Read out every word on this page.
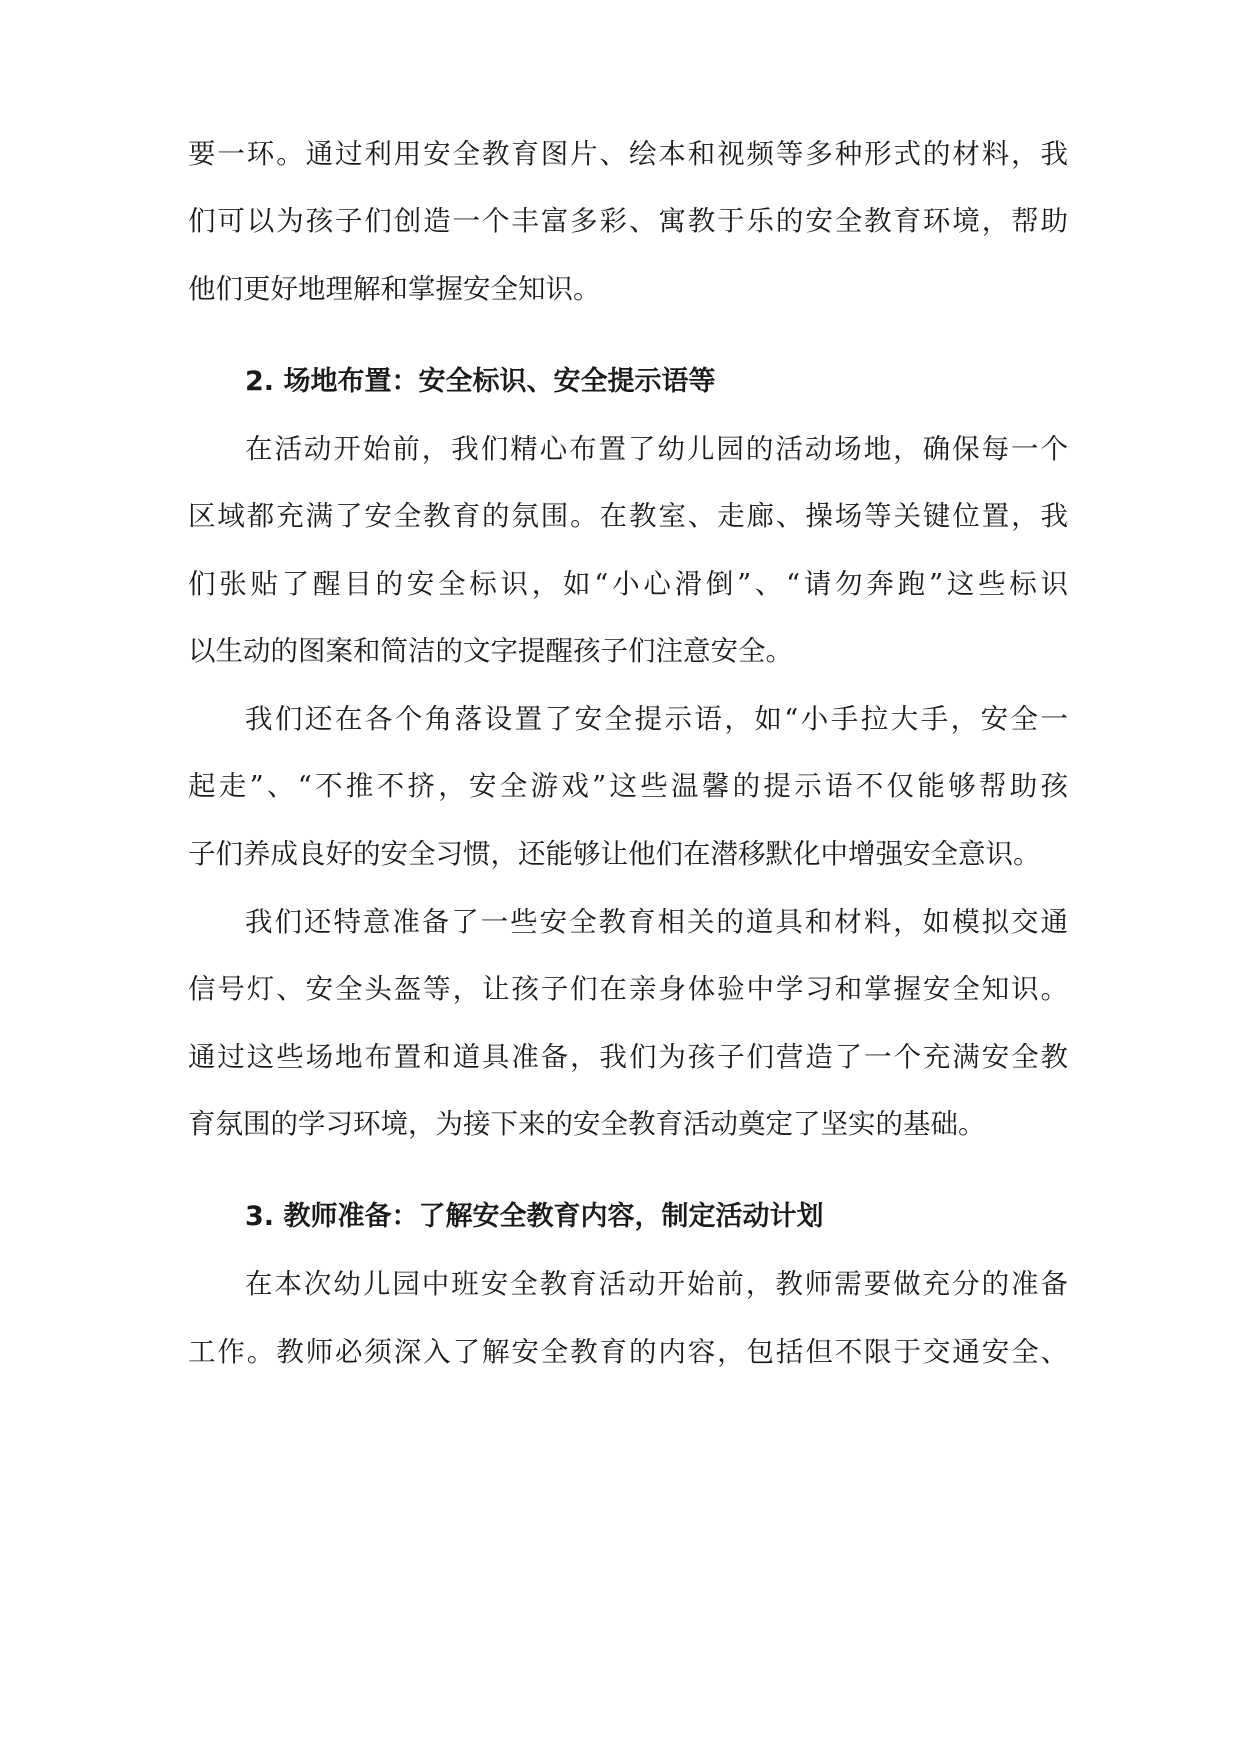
要一环。通过利用安全教育图片、绘本和视频等多种形式的材料，我
们可以为孩子们创造一个丰富多彩、寓教于乐的安全教育环境，帮助
他们更好地理解和掌握安全知识。
2. 场地布置：安全标识、安全提示语等
在活动开始前，我们精心布置了幼儿园的活动场地，确保每一个
区域都充满了安全教育的氛围。在教室、走廊、操场等关键位置，我
们张贴了醒目的安全标识，如“小心滑倒”、“请勿奔跑”这些标识
以生动的图案和简洁的文字提醒孩子们注意安全。
我们还在各个角落设置了安全提示语，如“小手拉大手，安全一
起走”、“不推不挤，安全游戏”这些温馨的提示语不仅能够帮助孩
子们养成良好的安全习惯，还能够让他们在潜移默化中增强安全意识。
我们还特意准备了一些安全教育相关的道具和材料，如模拟交通
信号灯、安全头盔等，让孩子们在亲身体验中学习和掌握安全知识。
通过这些场地布置和道具准备，我们为孩子们营造了一个充满安全教
育氛围的学习环境，为接下来的安全教育活动奠定了坚实的基础。
3. 教师准备：了解安全教育内容，制定活动计划
在本次幼儿园中班安全教育活动开始前，教师需要做充分的准备
工作。教师必须深入了解安全教育的内容，包括但不限于交通安全、
